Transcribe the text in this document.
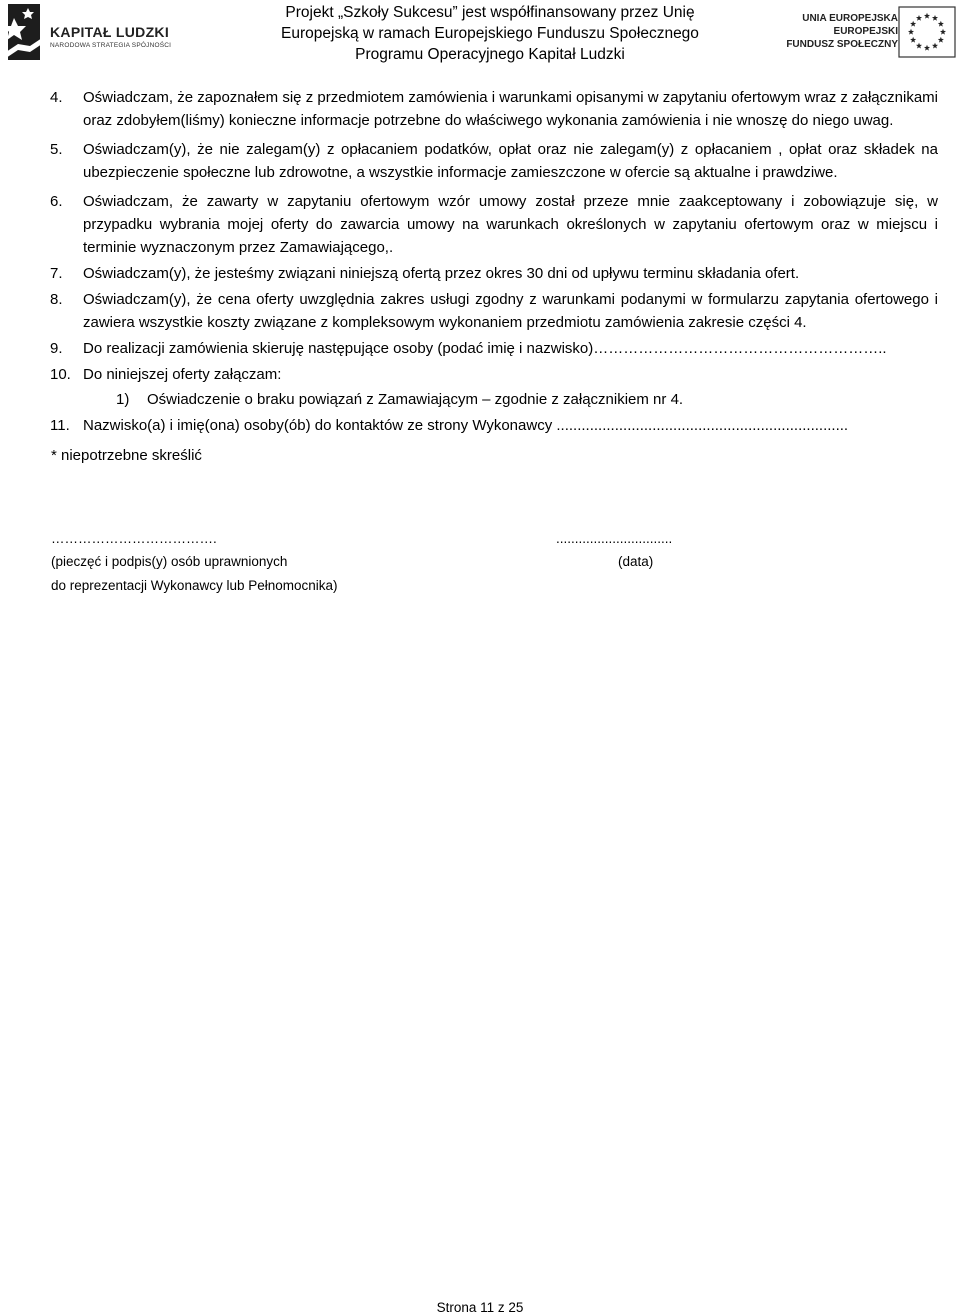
KAPITAŁ LUDZKI
NARODOWA STRATEGIA SPÓJNOŚCI
Projekt „Szkoły Sukcesu” jest współfinansowany przez Unię
Europejską w ramach Europejskiego Funduszu Społecznego
Programu Operacyjnego Kapitał Ludzki
UNIA EUROPEJSKA
EUROPEJSKI
FUNDUSZ SPOŁECZNY
4. Oświadczam, że zapoznałem się z przedmiotem zamówienia i warunkami opisanymi w zapytaniu ofertowym wraz z załącznikami oraz zdobyłem(liśmy) konieczne informacje potrzebne do właściwego wykonania zamówienia i nie wnoszę do niego uwag.
5. Oświadczam(y), że nie zalegam(y) z opłacaniem podatków, opłat oraz nie zalegam(y) z opłacaniem , opłat oraz składek na ubezpieczenie społeczne lub zdrowotne, a wszystkie informacje zamieszczone w ofercie są aktualne i prawdziwe.
6. Oświadczam, że zawarty w zapytaniu ofertowym wzór umowy został przeze mnie zaakceptowany i zobowiązuje się, w przypadku wybrania mojej oferty do zawarcia umowy na warunkach określonych w zapytaniu ofertowym oraz w miejscu i terminie wyznaczonym przez Zamawiającego,.
7. Oświadczam(y), że jesteśmy związani niniejszą ofertą przez okres 30 dni od upływu terminu składania ofert.
8. Oświadczam(y), że cena oferty uwzględnia zakres usługi zgodny z warunkami podanymi w formularzu zapytania ofertowego i zawiera wszystkie koszty związane z kompleksowym wykonaniem przedmiotu zamówienia zakresie części 4.
9. Do realizacji zamówienia skieruję następujące osoby (podać imię i nazwisko)…………………………………………………..
10. Do niniejszej oferty załączam:
1) Oświadczenie o braku powiązań z Zamawiającym – zgodnie z załącznikiem nr 4.
11. Nazwisko(a) i imię(ona) osoby(ób) do kontaktów ze strony Wykonawcy ......................................................................
* niepotrzebne skreślić
……………………………….	...............................
(pieczęć i podpis(y) osób uprawnionych	(data)
do reprezentacji Wykonawcy lub Pełnomocnika)
Strona 11 z 25
